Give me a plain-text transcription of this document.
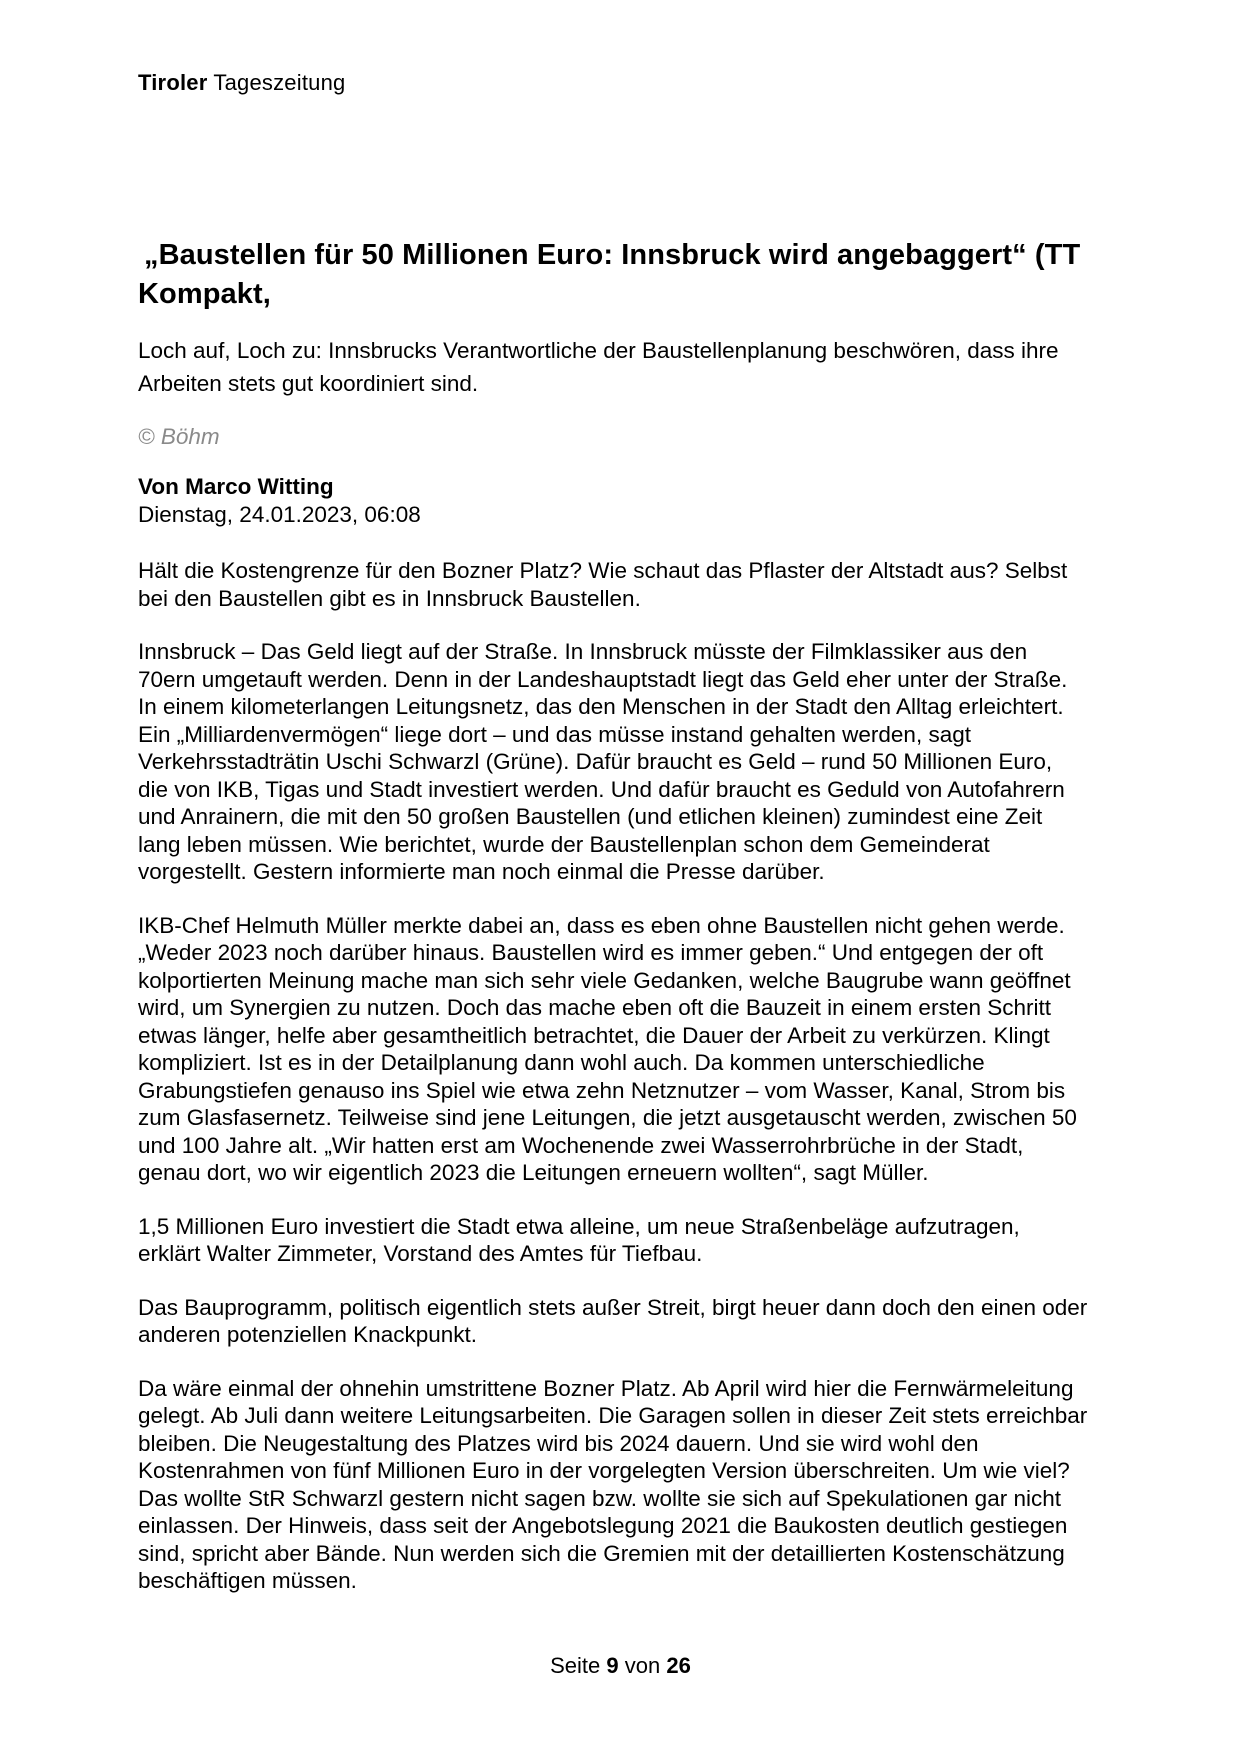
Tiroler Tageszeitung
„Baustellen für 50 Millionen Euro: Innsbruck wird angebaggert“ (TT
Kompakt,

Loch auf, Loch zu: Innsbrucks Verantwortliche der Baustellenplanung beschwören, dass ihre Arbeiten stets gut koordiniert sind.

© Böhm

Von Marco Witting
Dienstag, 24.01.2023, 06:08

Hält die Kostengrenze für den Bozner Platz? Wie schaut das Pflaster der Altstadt aus? Selbst bei den Baustellen gibt es in Innsbruck Baustellen.

Innsbruck – Das Geld liegt auf der Straße. In Innsbruck müsste der Filmklassiker aus den 70ern umgetauft werden. Denn in der Landeshauptstadt liegt das Geld eher unter der Straße. In einem kilometerlangen Leitungsnetz, das den Menschen in der Stadt den Alltag erleichtert. Ein „Milliardenvermögen“ liege dort – und das müsse instand gehalten werden, sagt Verkehrsstadträtin Uschi Schwarzl (Grüne). Dafür braucht es Geld – rund 50 Millionen Euro, die von IKB, Tigas und Stadt investiert werden. Und dafür braucht es Geduld von Autofahrern und Anrainern, die mit den 50 großen Baustellen (und etlichen kleinen) zumindest eine Zeit lang leben müssen. Wie berichtet, wurde der Baustellenplan schon dem Gemeinderat vorgestellt. Gestern informierte man noch einmal die Presse darüber.

IKB-Chef Helmuth Müller merkte dabei an, dass es eben ohne Baustellen nicht gehen werde. „Weder 2023 noch darüber hinaus. Baustellen wird es immer geben.“ Und entgegen der oft kolportierten Meinung mache man sich sehr viele Gedanken, welche Baugrube wann geöffnet wird, um Synergien zu nutzen. Doch das mache eben oft die Bauzeit in einem ersten Schritt etwas länger, helfe aber gesamtheitlich betrachtet, die Dauer der Arbeit zu verkürzen. Klingt kompliziert. Ist es in der Detailplanung dann wohl auch. Da kommen unterschiedliche Grabungstiefen genauso ins Spiel wie etwa zehn Netznutzer – vom Wasser, Kanal, Strom bis zum Glasfasernetz. Teilweise sind jene Leitungen, die jetzt ausgetauscht werden, zwischen 50 und 100 Jahre alt. „Wir hatten erst am Wochenende zwei Wasserrohrbrüche in der Stadt, genau dort, wo wir eigentlich 2023 die Leitungen erneuern wollten“, sagt Müller.

1,5 Millionen Euro investiert die Stadt etwa alleine, um neue Straßenbeläge aufzutragen, erklärt Walter Zimmeter, Vorstand des Amtes für Tiefbau.

Das Bauprogramm, politisch eigentlich stets außer Streit, birgt heuer dann doch den einen oder anderen potenziellen Knackpunkt.

Da wäre einmal der ohnehin umstrittene Bozner Platz. Ab April wird hier die Fernwärmeleitung gelegt. Ab Juli dann weitere Leitungsarbeiten. Die Garagen sollen in dieser Zeit stets erreichbar bleiben. Die Neugestaltung des Platzes wird bis 2024 dauern. Und sie wird wohl den Kostenrahmen von fünf Millionen Euro in der vorgelegten Version überschreiten. Um wie viel? Das wollte StR Schwarzl gestern nicht sagen bzw. wollte sie sich auf Spekulationen gar nicht einlassen. Der Hinweis, dass seit der Angebotslegung 2021 die Baukosten deutlich gestiegen sind, spricht aber Bände. Nun werden sich die Gremien mit der detaillierten Kostenschätzung beschäftigen müssen.

Seite 9 von 26
